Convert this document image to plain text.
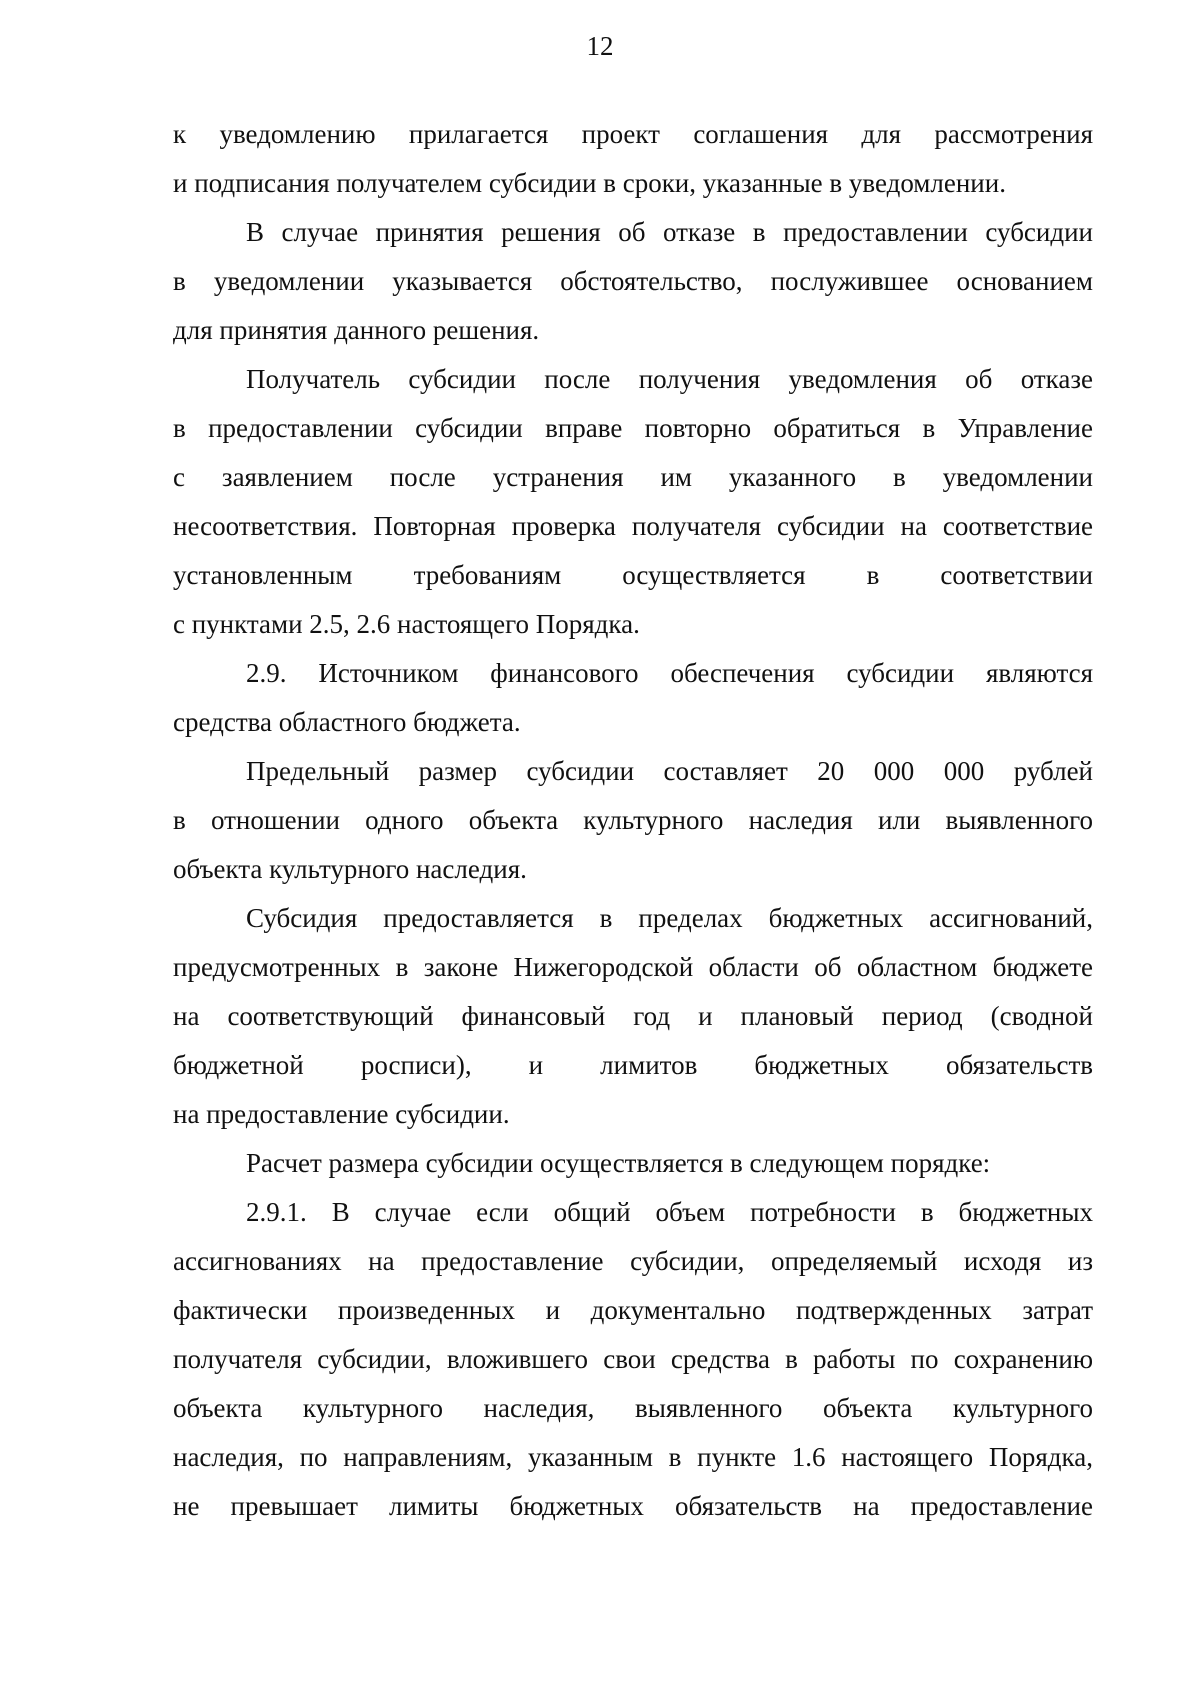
12
к уведомлению прилагается проект соглашения для рассмотрения
и подписания получателем субсидии в сроки, указанные в уведомлении.
В случае принятия решения об отказе в предоставлении субсидии
в уведомлении указывается обстоятельство, послужившее основанием
для принятия данного решения.
Получатель субсидии после получения уведомления об отказе
в предоставлении субсидии вправе повторно обратиться в Управление
с заявлением после устранения им указанного в уведомлении
несоответствия. Повторная проверка получателя субсидии на соответствие
установленным требованиям осуществляется в соответствии
с пунктами 2.5, 2.6 настоящего Порядка.
2.9. Источником финансового обеспечения субсидии являются
средства областного бюджета.
Предельный размер субсидии составляет 20 000 000 рублей
в отношении одного объекта культурного наследия или выявленного
объекта культурного наследия.
Субсидия предоставляется в пределах бюджетных ассигнований,
предусмотренных в законе Нижегородской области об областном бюджете
на соответствующий финансовый год и плановый период (сводной
бюджетной росписи), и лимитов бюджетных обязательств
на предоставление субсидии.
Расчет размера субсидии осуществляется в следующем порядке:
2.9.1. В случае если общий объем потребности в бюджетных
ассигнованиях на предоставление субсидии, определяемый исходя из
фактически произведенных и документально подтвержденных затрат
получателя субсидии, вложившего свои средства в работы по сохранению
объекта культурного наследия, выявленного объекта культурного
наследия, по направлениям, указанным в пункте 1.6 настоящего Порядка,
не превышает лимиты бюджетных обязательств на предоставление
